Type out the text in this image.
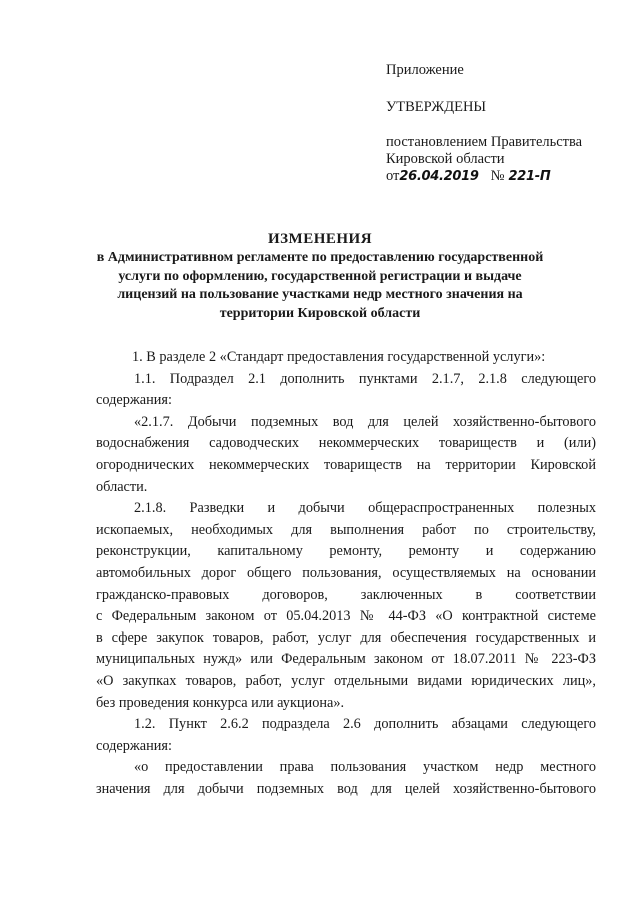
Приложение
УТВЕРЖДЕНЫ
постановлением Правительства
Кировской области
от 26.04.2019 № 221-П
ИЗМЕНЕНИЯ
в Административном регламенте по предоставлению государственной
услуги по оформлению, государственной регистрации и выдаче
лицензий на пользование участками недр местного значения на
территории Кировской области
1. В разделе 2 «Стандарт предоставления государственной услуги»:
1.1. Подраздел 2.1 дополнить пунктами 2.1.7, 2.1.8 следующего
содержания:
«2.1.7. Добычи подземных вод для целей хозяйственно-бытового
водоснабжения садоводческих некоммерческих товариществ и (или)
огороднических некоммерческих товариществ на территории Кировской
области.
2.1.8. Разведки и добычи общераспространенных полезных
ископаемых, необходимых для выполнения работ по строительству,
реконструкции, капитальному ремонту, ремонту и содержанию
автомобильных дорог общего пользования, осуществляемых на основании
гражданско-правовых договоров, заключенных в соответствии
с Федеральным законом от 05.04.2013 № 44-ФЗ «О контрактной системе
в сфере закупок товаров, работ, услуг для обеспечения государственных и
муниципальных нужд» или Федеральным законом от 18.07.2011 № 223-ФЗ
«О закупках товаров, работ, услуг отдельными видами юридических лиц»,
без проведения конкурса или аукциона».
1.2. Пункт 2.6.2 подраздела 2.6 дополнить абзацами следующего
содержания:
«о предоставлении права пользования участком недр местного
значения для добычи подземных вод для целей хозяйственно-бытового
